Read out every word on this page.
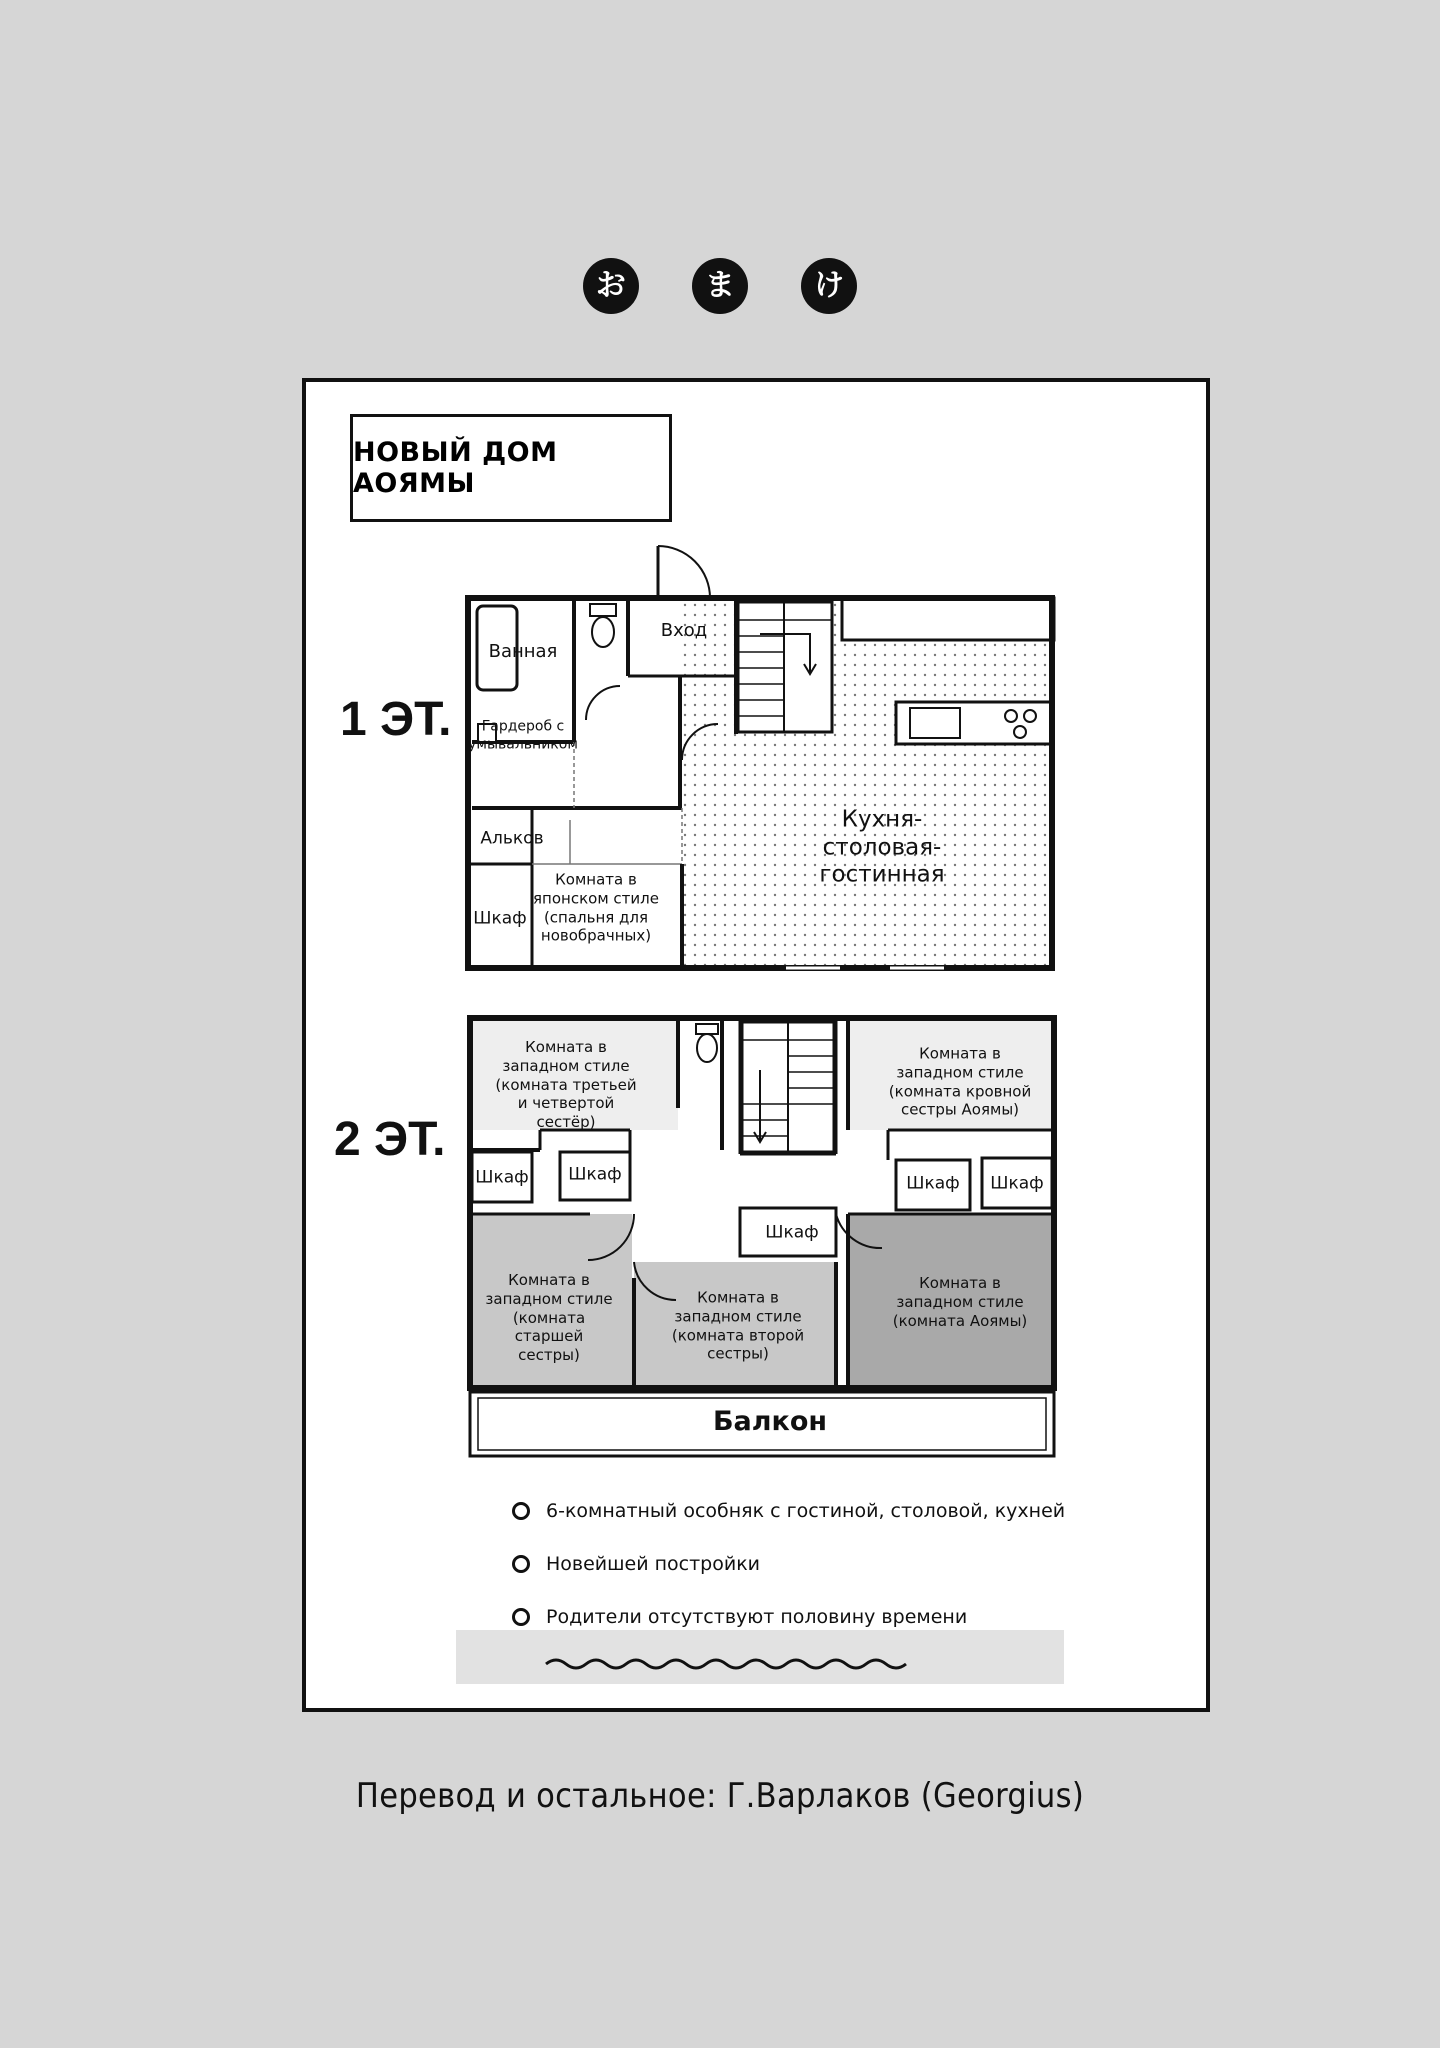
お	ま	け
НОВЫЙ ДОМ АОЯМЫ
1 ЭТ.
2 ЭТ.
Ванная
Вход
Гардероб с
умывальником
Альков
Комната в
японском стиле
(спальня для
новобрачных)
Шкаф
Кухня-
столовая-
гостинная
Комната в
западном стиле
(комната третьей
и четвертой
сестёр)
Комната в
западном стиле
(комната кровной
сестры Аоямы)
Шкаф Шкаф	Шкаф Шкаф
Шкаф
Комната в
западном стиле
(комната
старшей
сестры)
Комната в
западном стиле
(комната второй
сестры)
Комната в
западном стиле
(комната Аоямы)
Балкон
6-комнатный особняк с гостиной, столовой, кухней
Новейшей постройки
Родители отсутствуют половину времени
Перевод и остальное: Г.Варлаков (Georgius)
